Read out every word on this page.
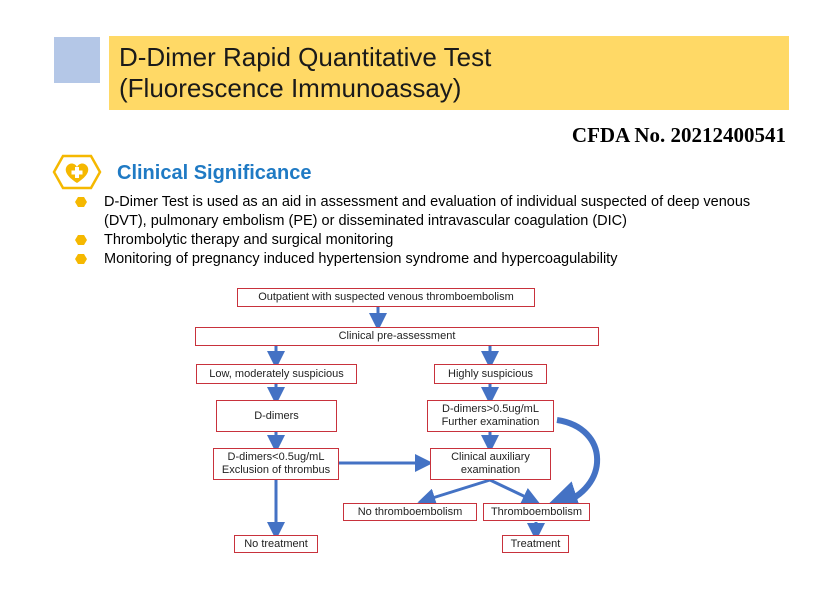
D-Dimer Rapid Quantitative Test
(Fluorescence Immunoassay)
CFDA No. 20212400541
Clinical Significance
D-Dimer Test is used as an aid in assessment and evaluation of individual suspected of deep venous (DVT), pulmonary embolism (PE) or disseminated intravascular coagulation (DIC)
Thrombolytic therapy and surgical monitoring
Monitoring of pregnancy induced hypertension syndrome and hypercoagulability
Outpatient with suspected venous thromboembolism
Clinical pre-assessment
Low, moderately suspicious	Highly suspicious
D-dimers
D-dimers>0.5ug/mL
Further examination
D-dimers<0.5ug/mL
Exclusion of thrombus
Clinical auxiliary
examination
No thromboembolism	Thromboembolism
No treatment	Treatment
